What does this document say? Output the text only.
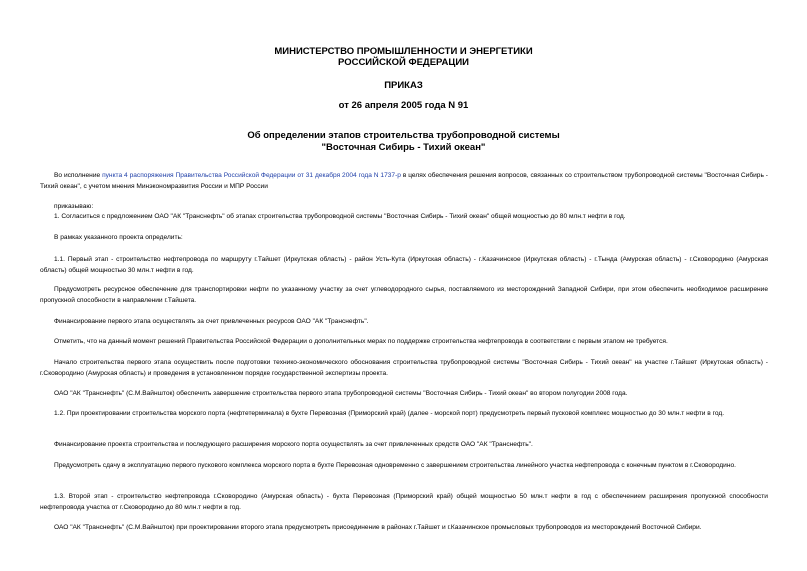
МИНИСТЕРСТВО ПРОМЫШЛЕННОСТИ И ЭНЕРГЕТИКИ
РОССИЙСКОЙ ФЕДЕРАЦИИ
ПРИКАЗ
от 26 апреля 2005 года N 91
Об определении этапов строительства трубопроводной системы
"Восточная Сибирь - Тихий океан"
Во исполнение пункта 4 распоряжения Правительства Российской Федерации от 31 декабря 2004 года N 1737-р в целях обеспечения решения вопросов, связанных со строительством трубопроводной системы "Восточная Сибирь - Тихий океан", с учетом мнения Минэкономразвития России и МПР России
приказываю:
1. Согласиться с предложением ОАО "АК "Транснефть" об этапах строительства трубопроводной системы "Восточная Сибирь - Тихий океан" общей мощностью до 80 млн.т нефти в год.
В рамках указанного проекта определить:
1.1. Первый этап - строительство нефтепровода по маршруту г.Тайшет (Иркутская область) - район Усть-Кута (Иркутская область) - г.Казачинское (Иркутская область) - г.Тында (Амурская область) - г.Сковородино (Амурская область) общей мощностью 30 млн.т нефти в год.
Предусмотреть ресурсное обеспечение для транспортировки нефти по указанному участку за счет углеводородного сырья, поставляемого из месторождений Западной Сибири, при этом обеспечить необходимое расширение пропускной способности в направлении г.Тайшета.
Финансирование первого этапа осуществлять за счет привлеченных ресурсов ОАО "АК "Транснефть".
Отметить, что на данный момент решений Правительства Российской Федерации о дополнительных мерах по поддержке строительства нефтепровода в соответствии с первым этапом не требуется.
Начало строительства первого этапа осуществить после подготовки технико-экономического обоснования строительства трубопроводной системы "Восточная Сибирь - Тихий океан" на участке г.Тайшет (Иркутская область) - г.Сковородино (Амурская область) и проведения в установленном порядке государственной экспертизы проекта.
ОАО "АК "Транснефть" (С.М.Вайншток) обеспечить завершение строительства первого этапа трубопроводной системы "Восточная Сибирь - Тихий океан" во втором полугодии 2008 года.
1.2. При проектировании строительства морского порта (нефтетерминала) в бухте Перевозная (Приморский край) (далее - морской порт) предусмотреть первый пусковой комплекс мощностью до 30 млн.т нефти в год.
Финансирование проекта строительства и последующего расширения морского порта осуществлять за счет привлеченных средств ОАО "АК "Транснефть".
Предусмотреть сдачу в эксплуатацию первого пускового комплекса морского порта в бухте Перевозная одновременно с завершением строительства линейного участка нефтепровода с конечным пунктом в г.Сковородино.
1.3. Второй этап - строительство нефтепровода г.Сковородино (Амурская область) - бухта Перевозная (Приморский край) общей мощностью 50 млн.т нефти в год с обеспечением расширения пропускной способности нефтепровода участка от г.Сковородино до 80 млн.т нефти в год.
ОАО "АК "Транснефть" (С.М.Вайншток) при проектировании второго этапа предусмотреть присоединение в районах г.Тайшет и г.Казачинское промысловых трубопроводов из месторождений Восточной Сибири.
